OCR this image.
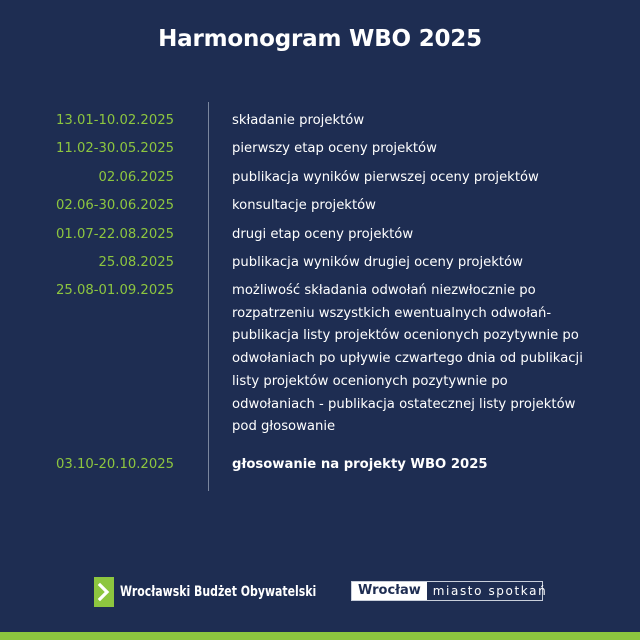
Harmonogram WBO 2025
13.01-10.02.2025	składanie projektów
11.02-30.05.2025	pierwszy etap oceny projektów
02.06.2025	publikacja wyników pierwszej oceny projektów
02.06-30.06.2025	konsultacje projektów
01.07-22.08.2025	drugi etap oceny projektów
25.08.2025	publikacja wyników drugiej oceny projektów
25.08-01.09.2025	możliwość składania odwołań niezwłocznie po
rozpatrzeniu wszystkich ewentualnych odwołań-
publikacja listy projektów ocenionych pozytywnie po
odwołaniach po upływie czwartego dnia od publikacji
listy projektów ocenionych pozytywnie po
odwołaniach - publikacja ostatecznej listy projektów
pod głosowanie
03.10-20.10.2025	głosowanie na projekty WBO 2025
Wrocławski Budżet Obywatelski	Wrocław	miasto spotkań
